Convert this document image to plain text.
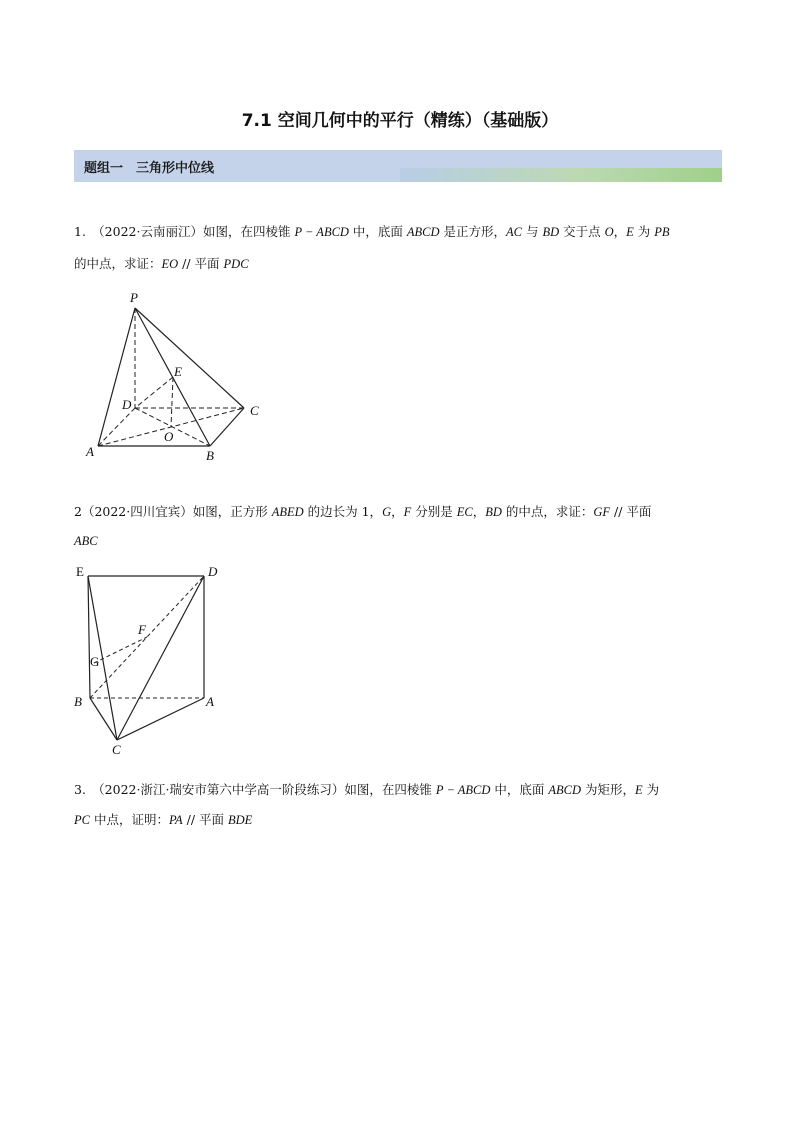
7.1 空间几何中的平行（精练）（基础版）
题组一　三角形中位线
1.　（2022·云南丽江）如图，在四棱锥 P − ABCD 中，底面 ABCD 是正方形，AC 与 BD 交于点 O，E 为 PB
的中点，求证：EO // 平面 PDC
P
E
D	C
O
A	B
2（2022·四川宜宾）如图，正方形 ABED 的边长为 1，G，F 分别是 EC，BD 的中点，求证：GF // 平面
ABC
E	D
F
G
B	A
C
3.　（2022·浙江·瑞安市第六中学高一阶段练习）如图，在四棱锥 P − ABCD 中，底面 ABCD 为矩形，E 为
PC 中点，证明：PA // 平面 BDE
